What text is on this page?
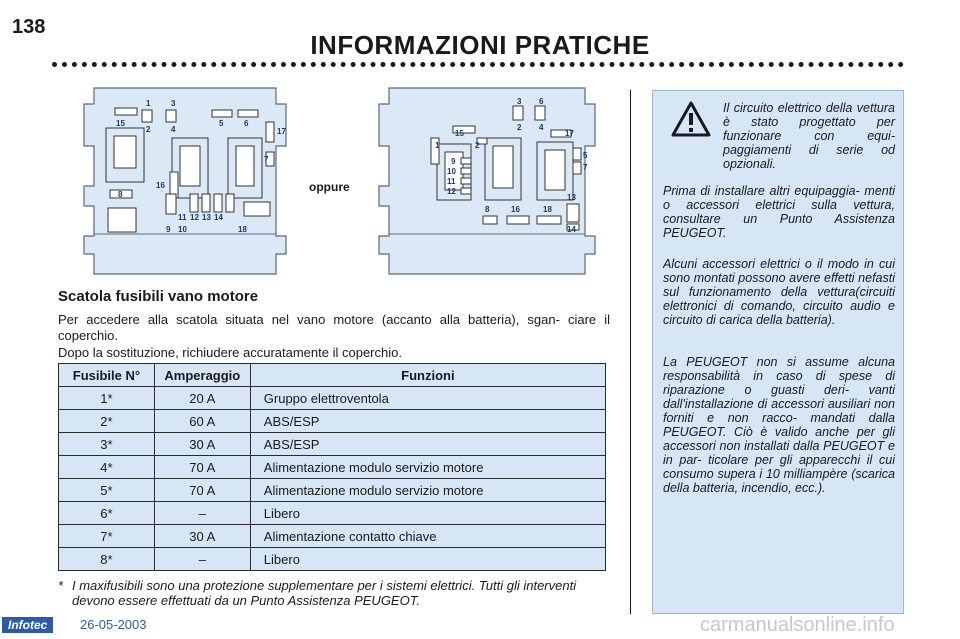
138
INFORMAZIONI PRATICHE
1	3
2	4
5	6
15
17
7
16
8
11 12 13 14
9 10	18
oppure
3 6
2 4
15	17
1	2
9
10
11
12
8	16	18
13
14
5
7
Scatola fusibili vano motore
Per accedere alla scatola situata nel vano motore (accanto alla batteria), sgan- ciare il coperchio.
Dopo la sostituzione, richiudere accuratamente il coperchio.
Fusibile N°	Amperaggio	Funzioni
1*	20 A	Gruppo elettroventola
2*	60 A	ABS/ESP
3*	30 A	ABS/ESP
4*	70 A	Alimentazione modulo servizio motore
5*	70 A	Alimentazione modulo servizio motore
6*	–	Libero
7*	30 A	Alimentazione contatto chiave
8*	–	Libero
* I maxifusibili sono una protezione supplementare per i sistemi elettrici. Tutti gli interventi devono essere effettuati da un Punto Assistenza PEUGEOT.
Il circuito elettrico della vettura è stato progettato per funzionare con equi- paggiamenti di serie od opzionali.
Prima di installare altri equipaggia- menti o accessori elettrici sulla vettura, consultare un Punto Assistenza PEUGEOT.
Alcuni accessori elettrici o il modo in cui sono montati possono avere effetti nefasti sul funzionamento della vettura(circuiti elettronici di comando, circuito audio e circuito di carica della batteria).
La PEUGEOT non si assume alcuna responsabilità in caso di spese di riparazione o guasti deri- vanti dall'installazione di accessori ausiliari non forniti e non racco- mandati dalla PEUGEOT. Ciò è valido anche per gli accessori non installati dalla PEUGEOT e in par- ticolare per gli apparecchi il cui consumo supera i 10 milliampère (scarica della batteria, incendio, ecc.).
Infotec	26-05-2003	carmanualsonline.info
